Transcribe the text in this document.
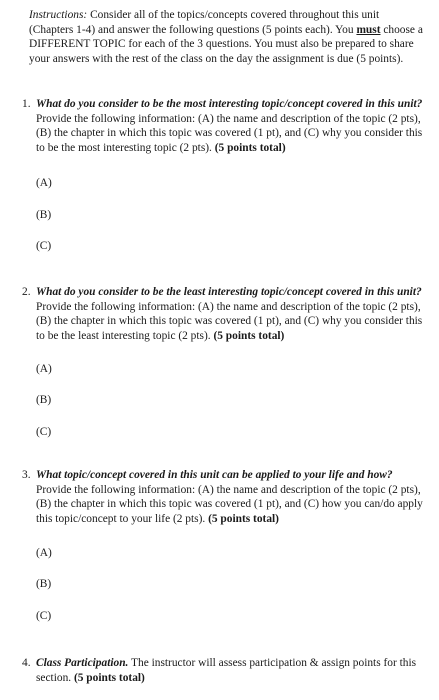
Instructions: Consider all of the topics/concepts covered throughout this unit (Chapters 1-4) and answer the following questions (5 points each). You must choose a DIFFERENT TOPIC for each of the 3 questions. You must also be prepared to share your answers with the rest of the class on the day the assignment is due (5 points).
1. What do you consider to be the most interesting topic/concept covered in this unit? Provide the following information: (A) the name and description of the topic (2 pts), (B) the chapter in which this topic was covered (1 pt), and (C) why you consider this to be the most interesting topic (2 pts). (5 points total)
(A)
(B)
(C)
2. What do you consider to be the least interesting topic/concept covered in this unit? Provide the following information: (A) the name and description of the topic (2 pts), (B) the chapter in which this topic was covered (1 pt), and (C) why you consider this to be the least interesting topic (2 pts). (5 points total)
(A)
(B)
(C)
3. What topic/concept covered in this unit can be applied to your life and how? Provide the following information: (A) the name and description of the topic (2 pts), (B) the chapter in which this topic was covered (1 pt), and (C) how you can/do apply this topic/concept to your life (2 pts). (5 points total)
(A)
(B)
(C)
4. Class Participation. The instructor will assess participation & assign points for this section. (5 points total)
